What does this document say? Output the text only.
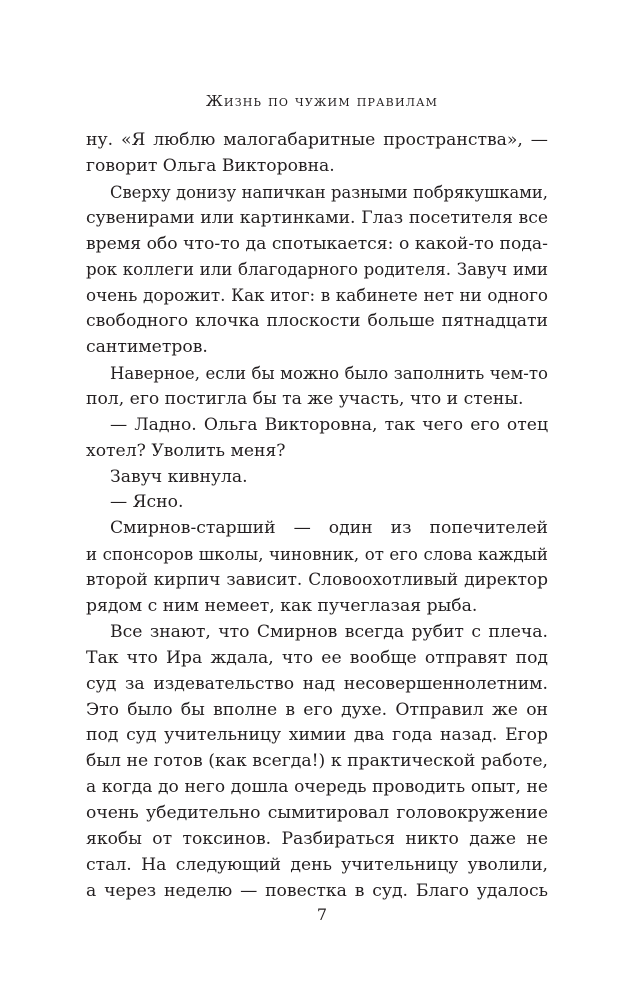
Жизнь по чужим правилам
ну. «Я люблю малогабаритные пространства», —
говорит Ольга Викторовна.
Сверху донизу напичкан разными побрякушками,
сувенирами или картинками. Глаз посетителя все
время обо что-то да спотыкается: о какой-то пода-
рок коллеги или благодарного родителя. Завуч ими
очень дорожит. Как итог: в кабинете нет ни одного
свободного клочка плоскости больше пятнадцати
сантиметров.
Наверное, если бы можно было заполнить чем-то
пол, его постигла бы та же участь, что и стены.
— Ладно. Ольга Викторовна, так чего его отец
хотел? Уволить меня?
Завуч кивнула.
— Ясно.
Смирнов-старший — один из попечителей
и спонсоров школы, чиновник, от его слова каждый
второй кирпич зависит. Словоохотливый директор
рядом с ним немеет, как пучеглазая рыба.
Все знают, что Смирнов всегда рубит с плеча.
Так что Ира ждала, что ее вообще отправят под
суд за издевательство над несовершеннолетним.
Это было бы вполне в его духе. Отправил же он
под суд учительницу химии два года назад. Егор
был не готов (как всегда!) к практической работе,
а когда до него дошла очередь проводить опыт, не
очень убедительно сымитировал головокружение
якобы от токсинов. Разбираться никто даже не
стал. На следующий день учительницу уволили,
а через неделю — повестка в суд. Благо удалось
7
